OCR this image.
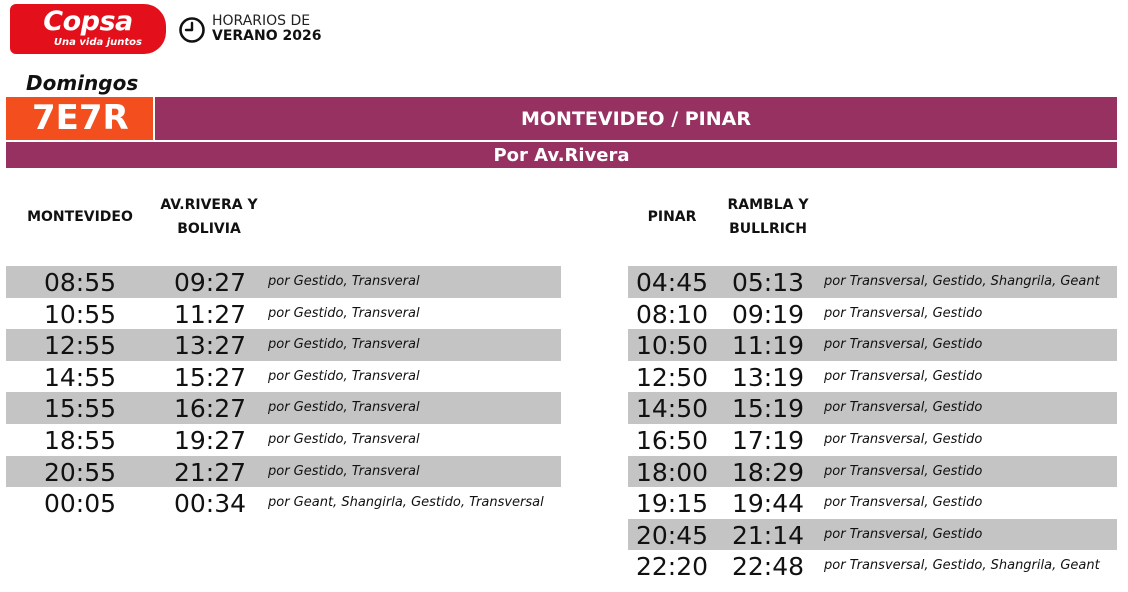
Copsa
Una vida juntos
HORARIOS DE
VERANO 2026
Domingos
7E7R	MONTEVIDEO / PINAR
Por Av.Rivera
MONTEVIDEO
AV.RIVERA Y BOLIVIA
PINAR
RAMBLA Y BULLRICH
08:55	09:27	por Gestido, Transveral
10:55	11:27	por Gestido, Transveral
12:55	13:27	por Gestido, Transveral
14:55	15:27	por Gestido, Transveral
15:55	16:27	por Gestido, Transveral
18:55	19:27	por Gestido, Transveral
20:55	21:27	por Gestido, Transveral
00:05	00:34	por Geant, Shangirla, Gestido, Transversal
04:45 05:13	por Transversal, Gestido, Shangrila, Geant
08:10 09:19	por Transversal, Gestido
10:50 11:19	por Transversal, Gestido
12:50 13:19	por Transversal, Gestido
14:50 15:19	por Transversal, Gestido
16:50 17:19	por Transversal, Gestido
18:00 18:29	por Transversal, Gestido
19:15 19:44	por Transversal, Gestido
20:45 21:14	por Transversal, Gestido
22:20 22:48	por Transversal, Gestido, Shangrila, Geant
